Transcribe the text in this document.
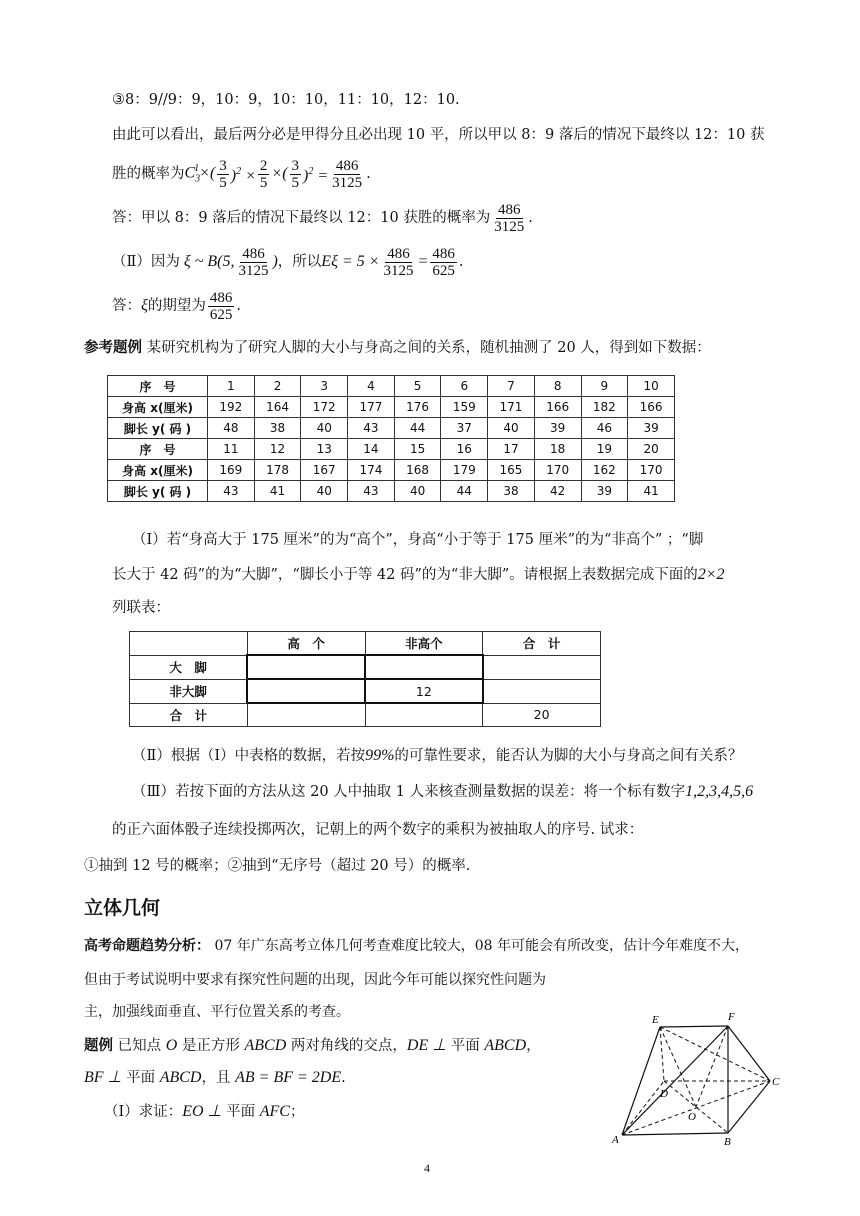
③8：9//9：9，10：9，10：10，11：10，12：10.
由此可以看出，最后两分必是甲得分且必出现 10 平，所以甲以 8：9 落后的情况下最终以 12：10 获
胜的概率为 $C_3^1\times( \frac{3}{5} )^2 \times \frac{2}{5}$ ×( $\frac{3}{5} )^2 = \frac{486}{3125}$ .
答：甲以 8：9 落后的情况下最终以 12：10 获胜的概率为 $\frac{486}{3125}$ .
（Ⅱ）因为 ξ ~ B(5, $\frac{486}{3125}$ ) ，所以 $E\xi = 5 \times \frac{486}{3125} = \frac{486}{625}$ .
答： ξ 的期望为 $\frac{486}{625}$ .
参考题例 某研究机构为了研究人脚的大小与身高之间的关系，随机抽测了 20 人，得到如下数据：
序　号	1	2	3	4	5	6	7	8	9	10
身高 x(厘米)	192	164	172	177	176	159	171	166	182	166
脚长 y( 码 )	48	38	40	43	44	37	40	39	46	39
序　号	11	12	13	14	15	16	17	18	19	20
身高 x(厘米)	169	178	167	174	168	179	165	170	162	170
脚长 y( 码 )	43	41	40	43	40	44	38	42	39	41
（Ⅰ）若“身高大于 175 厘米”的为“高个”，身高“小于等于 175 厘米”的为“非高个” ；“脚
长大于 42 码”的为“大脚”，“脚长小于等 42 码”的为“非大脚”。请根据上表数据完成下面的2×2
列联表：
	高　个	非高个	合　计
大　脚			
非大脚		12	
合　计			20
（Ⅱ）根据（Ⅰ）中表格的数据，若按99%的可靠性要求，能否认为脚的大小与身高之间有关系？
（Ⅲ）若按下面的方法从这 20 人中抽取 1 人来核查测量数据的误差：将一个标有数字1,2,3,4,5,6
的正六面体骰子连续投掷两次，记朝上的两个数字的乘积为被抽取人的序号. 试求：
①抽到 12 号的概率；②抽到“无序号（超过 20 号）的概率.
立体几何
高考命题趋势分析： 07 年广东高考立体几何考查难度比较大，08 年可能会有所改变，估计今年难度不大，
但由于考试说明中要求有探究性问题的出现，因此今年可能以探究性问题为
主，加强线面垂直、平行位置关系的考查。
题例 已知点 O 是正方形 ABCD 两对角线的交点，DE ⊥ 平面 ABCD，
BF ⊥ 平面 ABCD，且 AB = BF = 2DE.
（Ⅰ）求证：EO ⊥ 平面 AFC；
F
E
C
D
O
A	B
4
